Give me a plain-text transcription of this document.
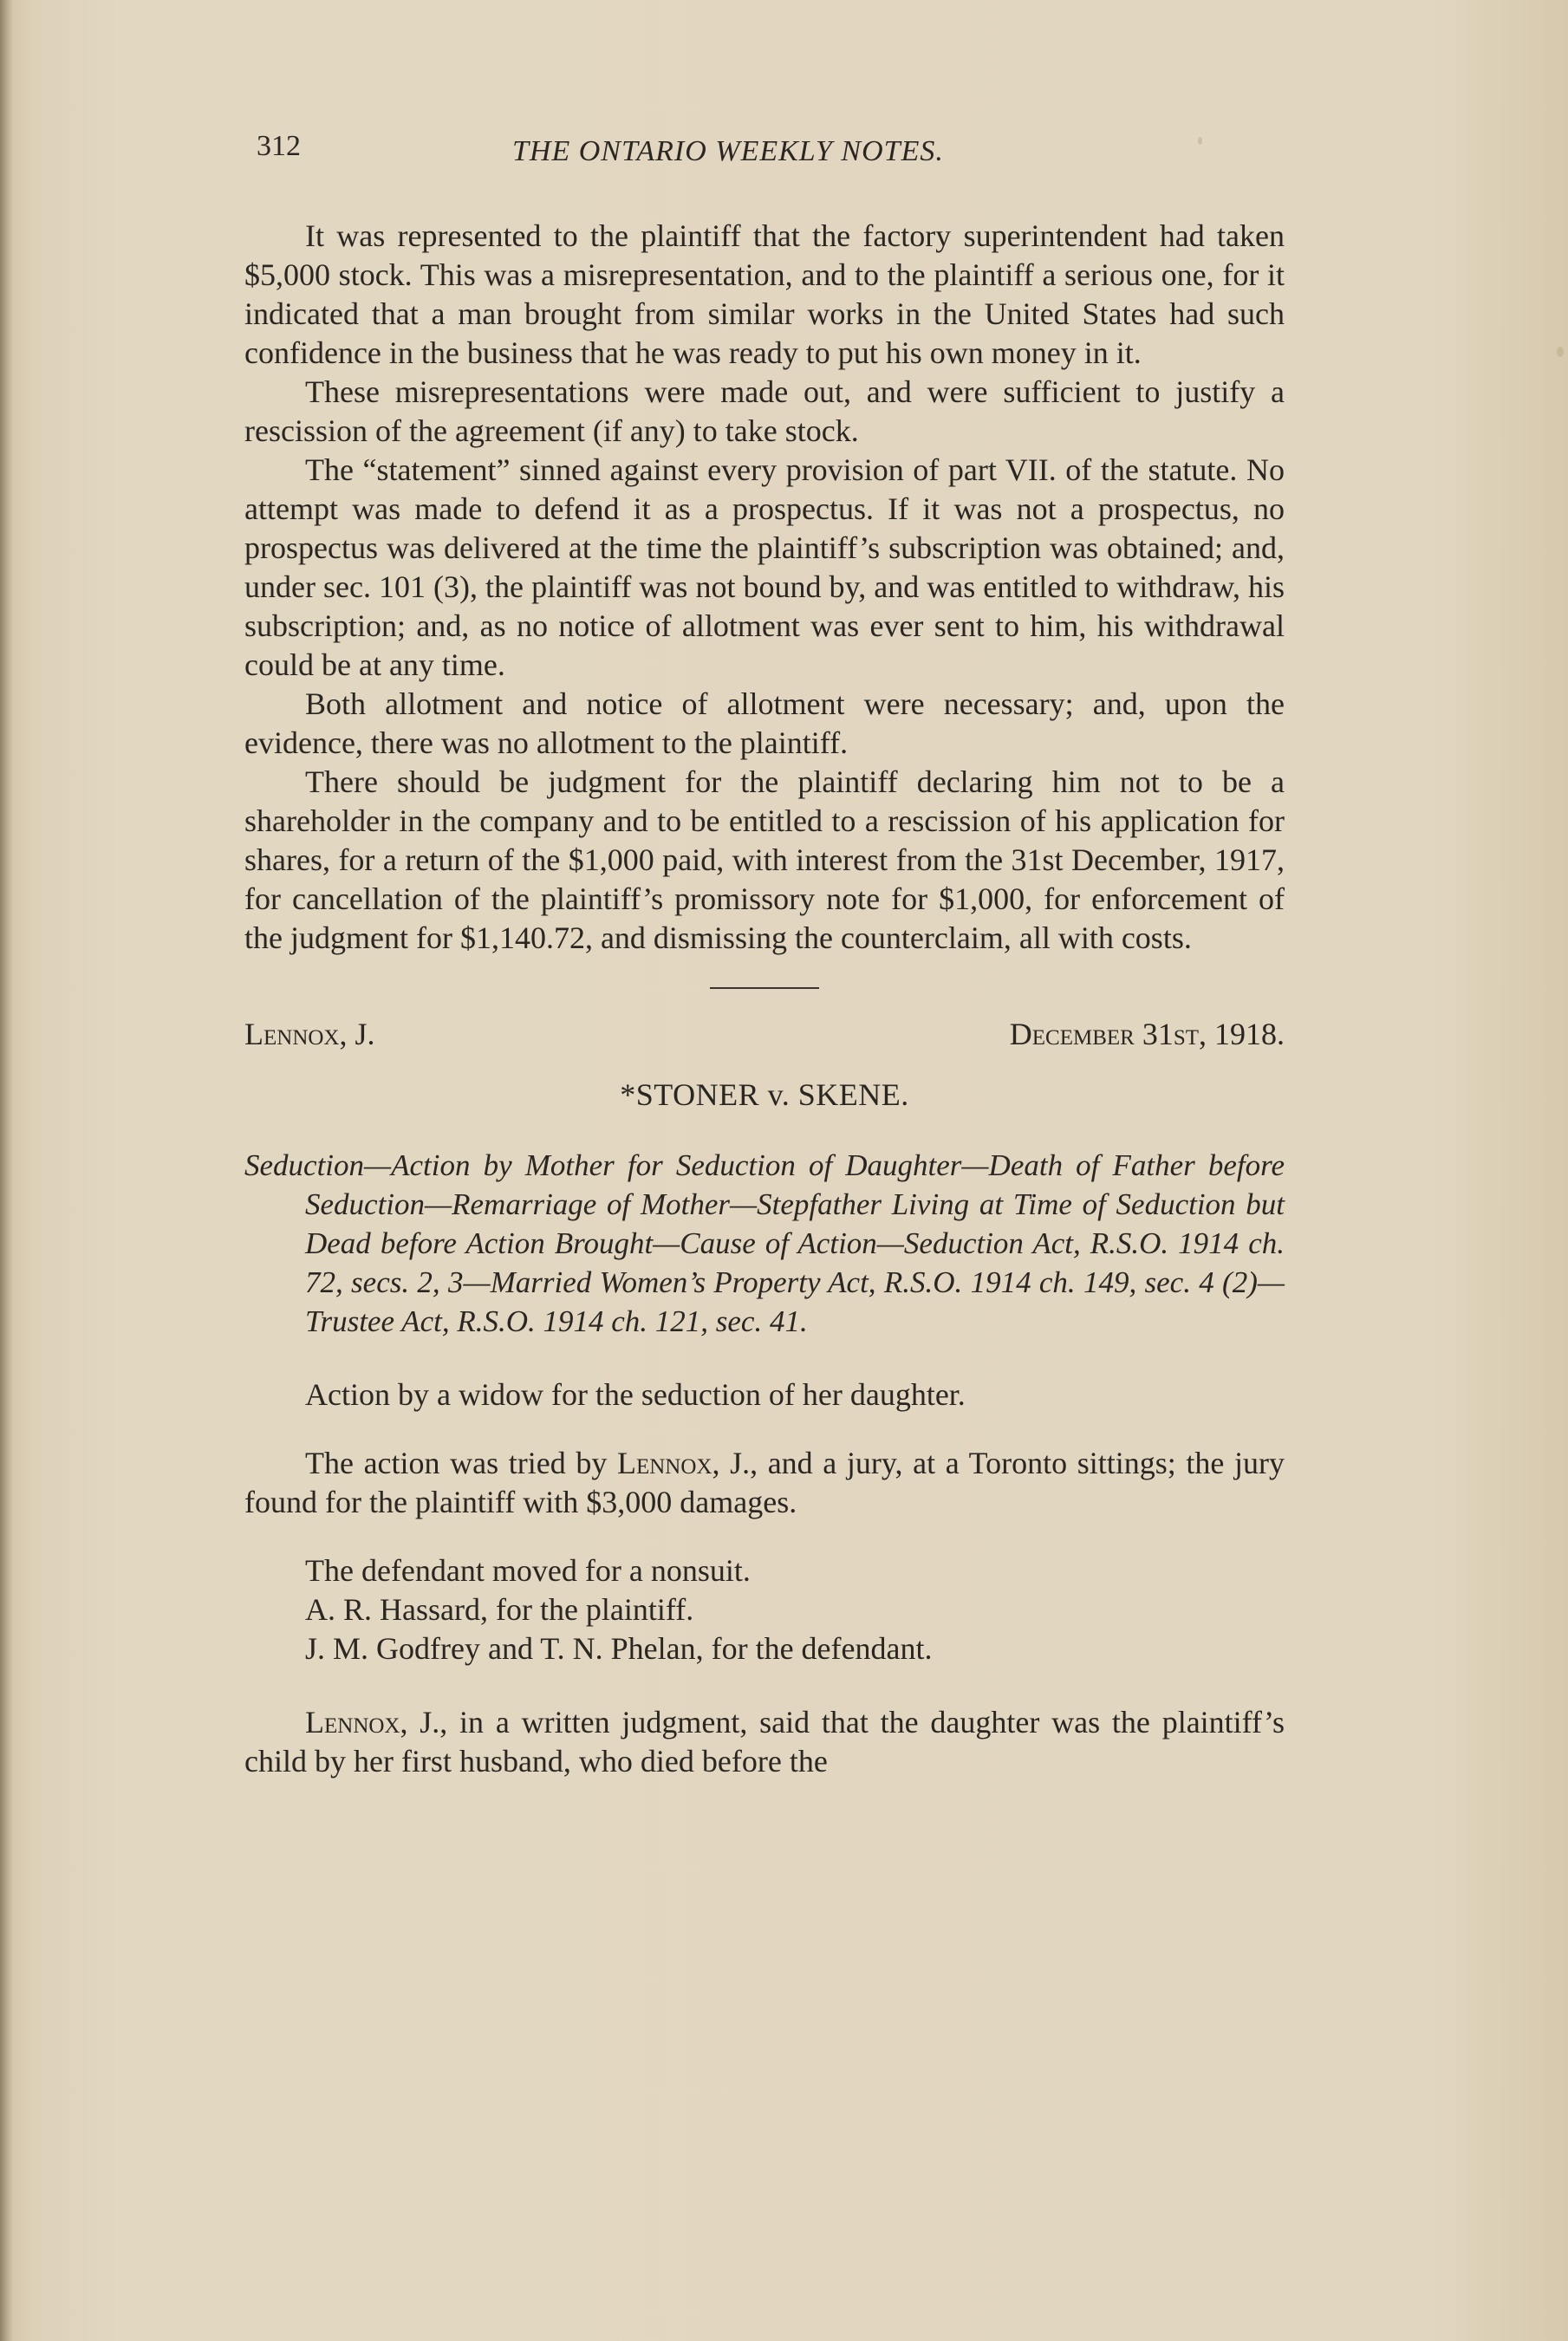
312	THE ONTARIO WEEKLY NOTES.

It was represented to the plaintiff that the factory superintendent had taken $5,000 stock. This was a misrepresentation, and to the plaintiff a serious one, for it indicated that a man brought from similar works in the United States had such confidence in the business that he was ready to put his own money in it.

These misrepresentations were made out, and were sufficient to justify a rescission of the agreement (if any) to take stock.

The “statement” sinned against every provision of part VII. of the statute. No attempt was made to defend it as a prospectus. If it was not a prospectus, no prospectus was delivered at the time the plaintiff’s subscription was obtained; and, under sec. 101 (3), the plaintiff was not bound by, and was entitled to withdraw, his subscription; and, as no notice of allotment was ever sent to him, his withdrawal could be at any time.

Both allotment and notice of allotment were necessary; and, upon the evidence, there was no allotment to the plaintiff.

There should be judgment for the plaintiff declaring him not to be a shareholder in the company and to be entitled to a rescission of his application for shares, for a return of the $1,000 paid, with interest from the 31st December, 1917, for cancellation of the plaintiff’s promissory note for $1,000, for enforcement of the judgment for $1,140.72, and dismissing the counterclaim, all with costs.

Lennox, J.	December 31st, 1918.
*STONER v. SKENE.
Seduction—Action by Mother for Seduction of Daughter—Death of Father before Seduction—Remarriage of Mother—Stepfather Living at Time of Seduction but Dead before Action Brought—Cause of Action—Seduction Act, R.S.O. 1914 ch. 72, secs. 2, 3—Married Women’s Property Act, R.S.O. 1914 ch. 149, sec. 4 (2)—Trustee Act, R.S.O. 1914 ch. 121, sec. 41.

Action by a widow for the seduction of her daughter.

The action was tried by Lennox, J., and a jury, at a Toronto sittings; the jury found for the plaintiff with $3,000 damages.

The defendant moved for a nonsuit.

A. R. Hassard, for the plaintiff.

J. M. Godfrey and T. N. Phelan, for the defendant.

Lennox, J., in a written judgment, said that the daughter was the plaintiff’s child by her first husband, who died before the
